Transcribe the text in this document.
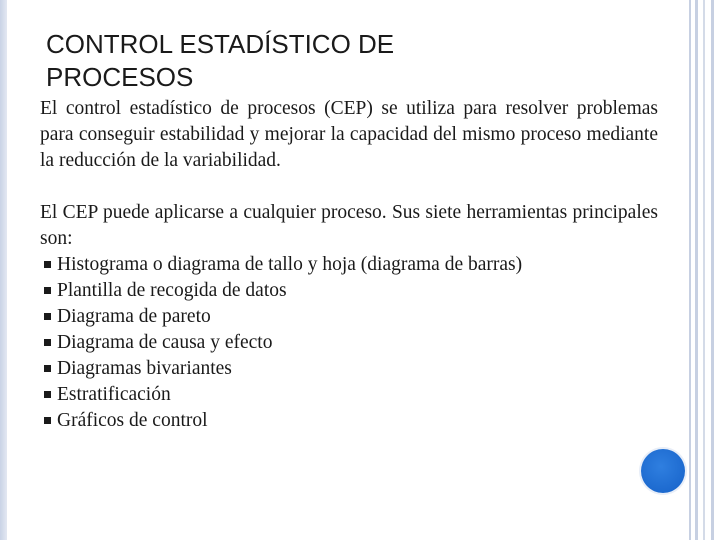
CONTROL ESTADÍSTICO DE
PROCESOS

El control estadístico de procesos (CEP) se utiliza para resolver problemas para conseguir estabilidad y mejorar la capacidad del mismo proceso mediante la reducción de la variabilidad.

El CEP puede aplicarse a cualquier proceso. Sus siete herramientas principales son:

Histograma o diagrama de tallo y hoja (diagrama de barras)
Plantilla de recogida de datos
Diagrama de pareto
Diagrama de causa y efecto
Diagramas bivariantes
Estratificación
Gráficos de control
